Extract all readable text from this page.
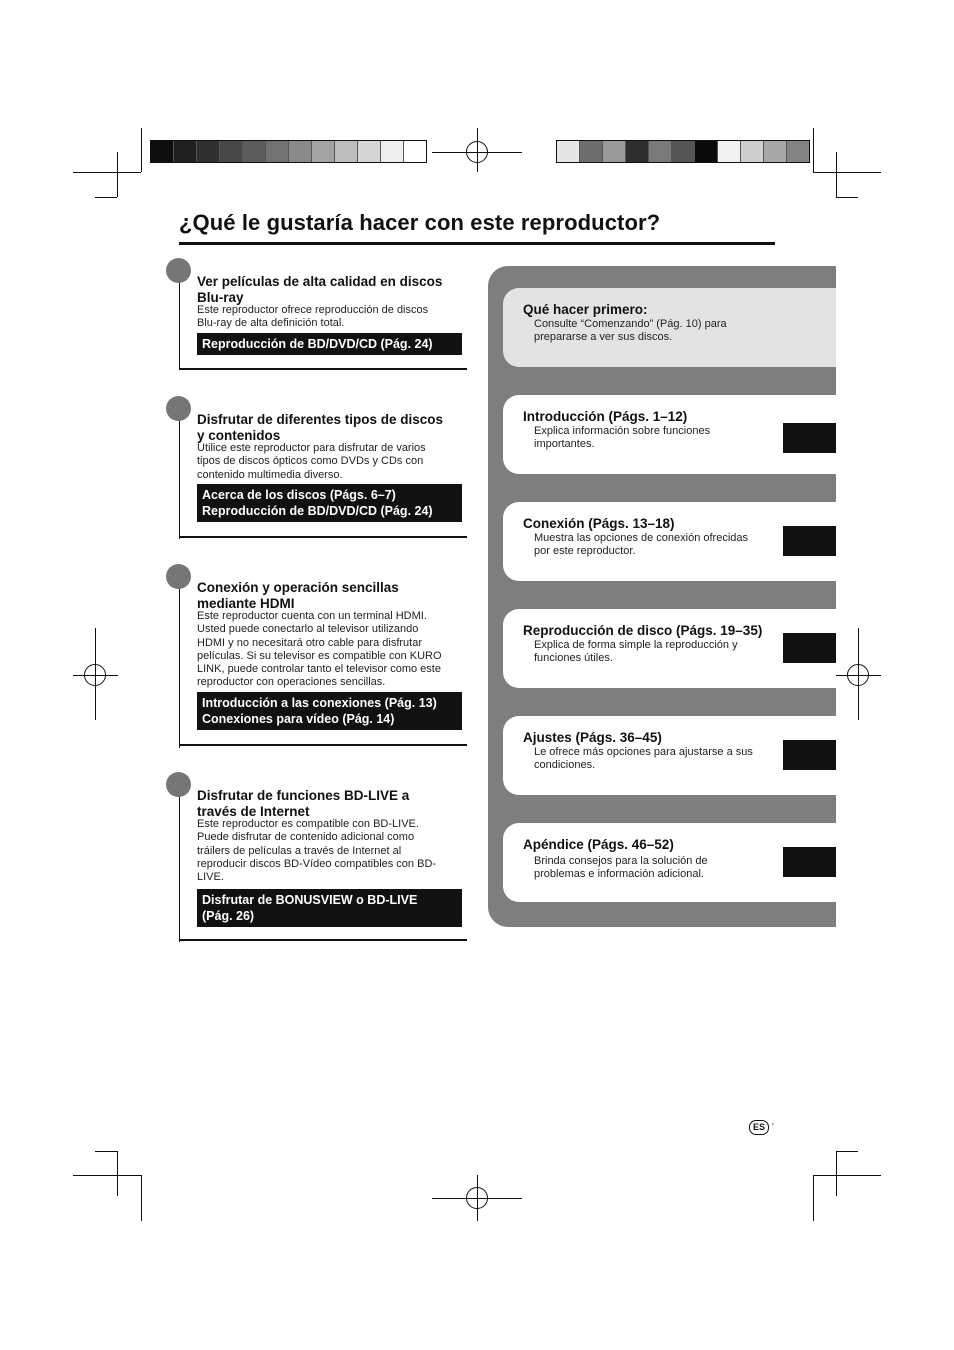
¿Qué le gustaría hacer con este reproductor?
Ver películas de alta calidad en discos
Blu-ray

Este reproductor ofrece reproducción de discos
Blu-ray de alta definición total.

Reproducción de BD/DVD/CD (Pág. 24)
Disfrutar de diferentes tipos de discos
y contenidos

Utilice este reproductor para disfrutar de varios
tipos de discos ópticos como DVDs y CDs con
contenido multimedia diverso.

Acerca de los discos (Págs. 6–7)
Reproducción de BD/DVD/CD (Pág. 24)
Conexión y operación sencillas
mediante HDMI

Este reproductor cuenta con un terminal HDMI.
Usted puede conectarlo al televisor utilizando
HDMI y no necesitará otro cable para disfrutar
películas. Si su televisor es compatible con KURO
LINK, puede controlar tanto el televisor como este
reproductor con operaciones sencillas.

Introducción a las conexiones (Pág. 13)
Conexiones para vídeo (Pág. 14)
Disfrutar de funciones BD-LIVE a
través de Internet

Este reproductor es compatible con BD-LIVE.
Puede disfrutar de contenido adicional como
tráilers de películas a través de Internet al
reproducir discos BD-Vídeo compatibles con BD-
LIVE.

Disfrutar de BONUSVIEW o BD-LIVE
(Pág. 26)
Qué hacer primero:

Consulte “Comenzando” (Pág. 10) para
prepararse a ver sus discos.

Introducción (Págs. 1–12)

Explica información sobre funciones
importantes.

Conexión (Págs. 13–18)

Muestra las opciones de conexión ofrecidas
por este reproductor.

Reproducción de disco (Págs. 19–35)

Explica de forma simple la reproducción y
funciones útiles.

Ajustes (Págs. 36–45)

Le ofrece más opciones para ajustarse a sus
condiciones.

Apéndice (Págs. 46–52)

Brinda consejos para la solución de
problemas e información adicional.

ES ·
